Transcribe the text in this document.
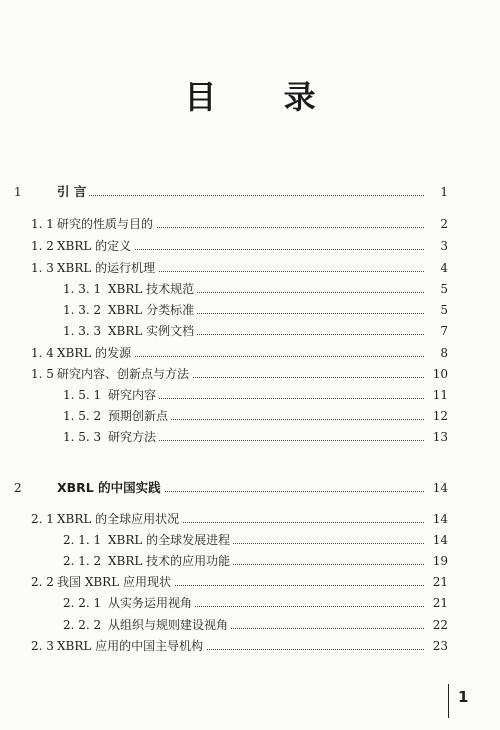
目 录
1	引 言	1
1. 1 研究的性质与目的	2
1. 2 XBRL 的定义	3
1. 3 XBRL 的运行机理	4
1. 3. 1 XBRL 技术规范	5
1. 3. 2 XBRL 分类标准	5
1. 3. 3 XBRL 实例文档	7
1. 4 XBRL 的发源	8
1. 5 研究内容、创新点与方法	10
1. 5. 1 研究内容	11
1. 5. 2 预期创新点	12
1. 5. 3 研究方法	13
2	XBRL 的中国实践	14
2. 1 XBRL 的全球应用状况	14
2. 1. 1 XBRL 的全球发展进程	14
2. 1. 2 XBRL 技术的应用功能	19
2. 2 我国 XBRL 应用现状	21
2. 2. 1 从实务运用视角	21
2. 2. 2 从组织与规则建设视角	22
2. 3 XBRL 应用的中国主导机构	23
1
